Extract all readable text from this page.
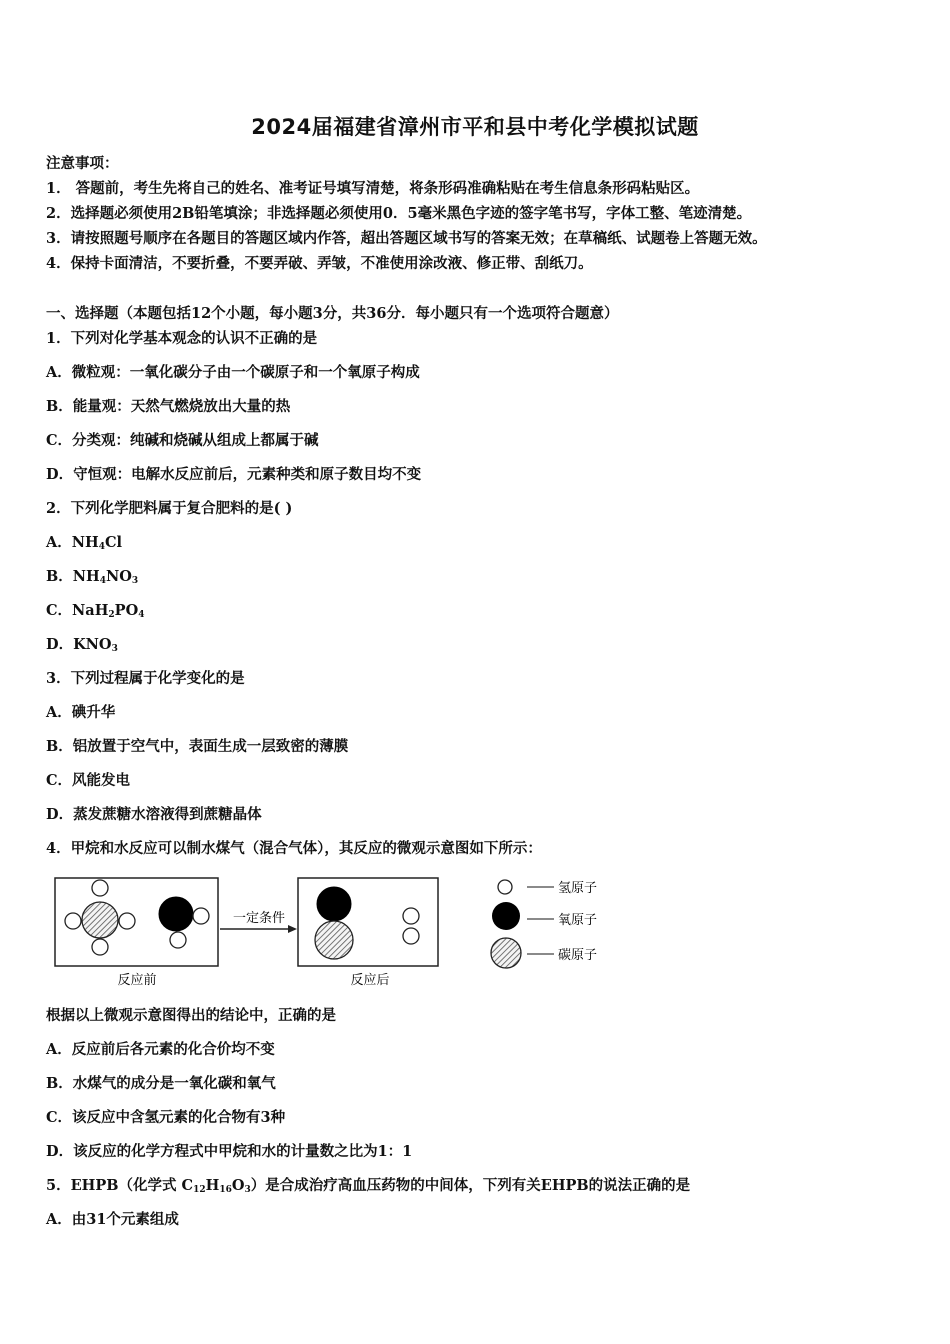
2024届福建省漳州市平和县中考化学模拟试题
注意事项：
1． 答题前，考生先将自己的姓名、准考证号填写清楚，将条形码准确粘贴在考生信息条形码粘贴区。
2．选择题必须使用2B铅笔填涂；非选择题必须使用0．5毫米黑色字迹的签字笔书写，字体工整、笔迹清楚。
3．请按照题号顺序在各题目的答题区域内作答，超出答题区域书写的答案无效；在草稿纸、试题卷上答题无效。
4．保持卡面清洁，不要折叠，不要弄破、弄皱，不准使用涂改液、修正带、刮纸刀。
一、选择题（本题包括12个小题，每小题3分，共36分．每小题只有一个选项符合题意）
1．下列对化学基本观念的认识不正确的是
A．微粒观：一氧化碳分子由一个碳原子和一个氧原子构成
B．能量观：天然气燃烧放出大量的热
C．分类观：纯碱和烧碱从组成上都属于碱
D．守恒观：电解水反应前后，元素种类和原子数目均不变
2．下列化学肥料属于复合肥料的是( )
A．$NH_4Cl$
B．$NH_4NO_3$
C．$NaH_2PO_4$
D．$KNO_3$
3．下列过程属于化学变化的是
A．碘升华
B．铝放置于空气中，表面生成一层致密的薄膜
C．风能发电
D．蒸发蔗糖水溶液得到蔗糖晶体
4．甲烷和水反应可以制水煤气（混合气体），其反应的微观示意图如下所示：
一定条件
反应前	反应后
氢原子
氧原子
碳原子
根据以上微观示意图得出的结论中，正确的是
A．反应前后各元素的化合价均不变
B．水煤气的成分是一氧化碳和氧气
C．该反应中含氢元素的化合物有3种
D．该反应的化学方程式中甲烷和水的计量数之比为1：1
5．EHPB（化学式 $C_{12}H_{16}O_3$）是合成治疗高血压药物的中间体，下列有关EHPB的说法正确的是
A．由31个元素组成
